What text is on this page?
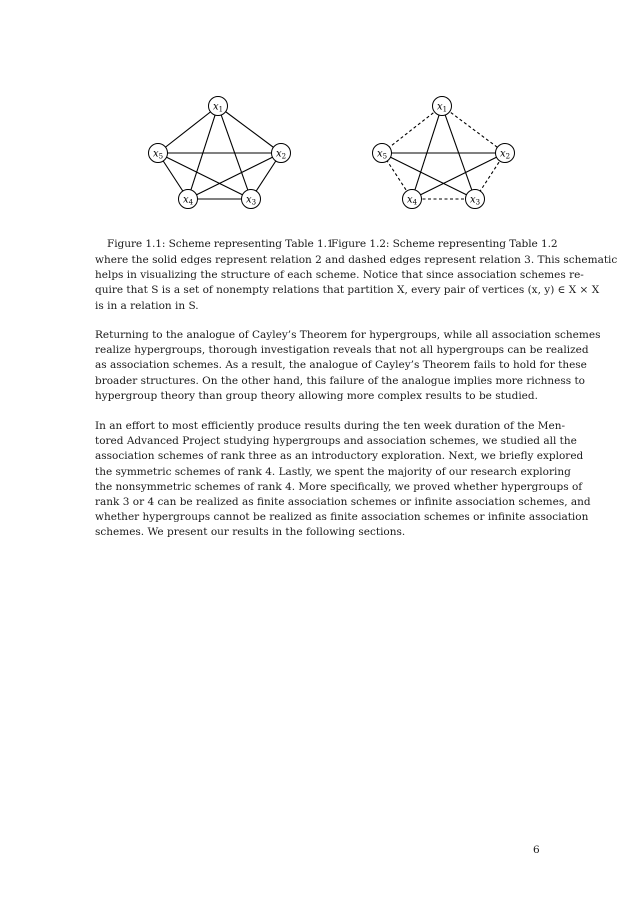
$x_1$
$x_2$
$x_3$
$x_4$
$x_5$
$x_1$
$x_2$
$x_3$
$x_4$
$x_5$
Figure 1.1: Scheme representing Table 1.1
Figure 1.2: Scheme representing Table 1.2
where the solid edges represent relation 2 and dashed edges represent relation 3. This schematic
helps in visualizing the structure of each scheme. Notice that since association schemes re-
quire that S is a set of nonempty relations that partition X, every pair of vertices (x, y) ∈ X × X
is in a relation in S.
Returning to the analogue of Cayley’s Theorem for hypergroups, while all association schemes
realize hypergroups, thorough investigation reveals that not all hypergroups can be realized
as association schemes. As a result, the analogue of Cayley’s Theorem fails to hold for these
broader structures. On the other hand, this failure of the analogue implies more richness to
hypergroup theory than group theory allowing more complex results to be studied.
In an effort to most efficiently produce results during the ten week duration of the Men-
tored Advanced Project studying hypergroups and association schemes, we studied all the
association schemes of rank three as an introductory exploration. Next, we briefly explored
the symmetric schemes of rank 4. Lastly, we spent the majority of our research exploring
the nonsymmetric schemes of rank 4. More specifically, we proved whether hypergroups of
rank 3 or 4 can be realized as finite association schemes or infinite association schemes, and
whether hypergroups cannot be realized as finite association schemes or infinite association
schemes. We present our results in the following sections.
6
